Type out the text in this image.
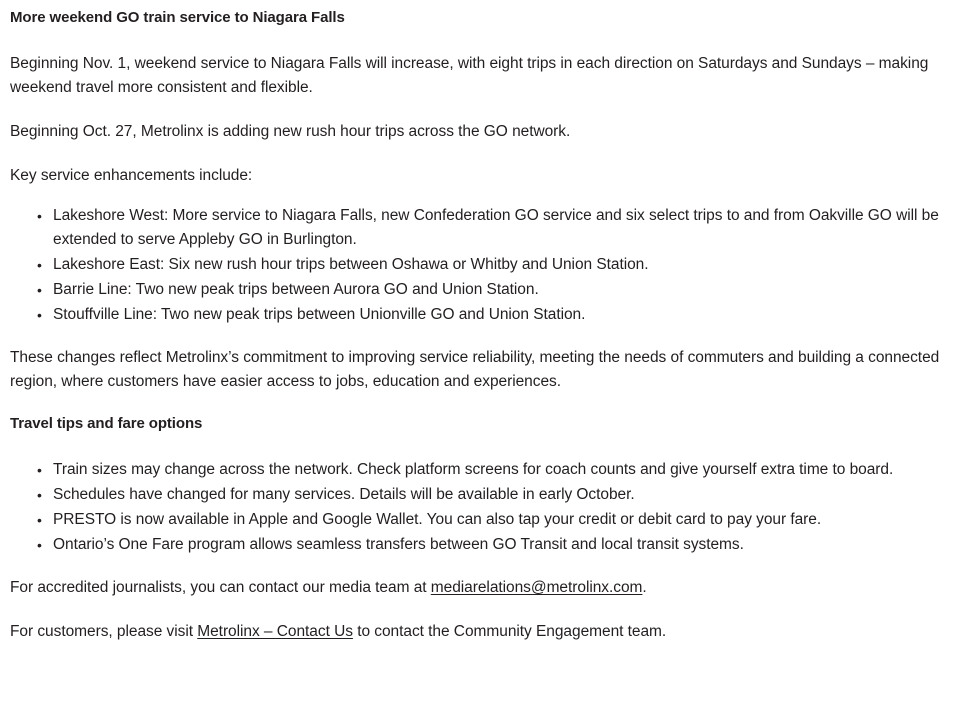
More weekend GO train service to Niagara Falls

Beginning Nov. 1, weekend service to Niagara Falls will increase, with eight trips in each direction on Saturdays and Sundays – making weekend travel more consistent and flexible.

Beginning Oct. 27, Metrolinx is adding new rush hour trips across the GO network.

Key service enhancements include:

• Lakeshore West: More service to Niagara Falls, new Confederation GO service and six select trips to and from Oakville GO will be extended to serve Appleby GO in Burlington.
• Lakeshore East: Six new rush hour trips between Oshawa or Whitby and Union Station.
• Barrie Line: Two new peak trips between Aurora GO and Union Station.
• Stouffville Line: Two new peak trips between Unionville GO and Union Station.

These changes reflect Metrolinx’s commitment to improving service reliability, meeting the needs of commuters and building a connected region, where customers have easier access to jobs, education and experiences.

Travel tips and fare options
• Train sizes may change across the network. Check platform screens for coach counts and give yourself extra time to board.
• Schedules have changed for many services. Details will be available in early October.
• PRESTO is now available in Apple and Google Wallet. You can also tap your credit or debit card to pay your fare.
• Ontario’s One Fare program allows seamless transfers between GO Transit and local transit systems.

For accredited journalists, you can contact our media team at mediarelations@metrolinx.com.

For customers, please visit Metrolinx – Contact Us to contact the Community Engagement team.
